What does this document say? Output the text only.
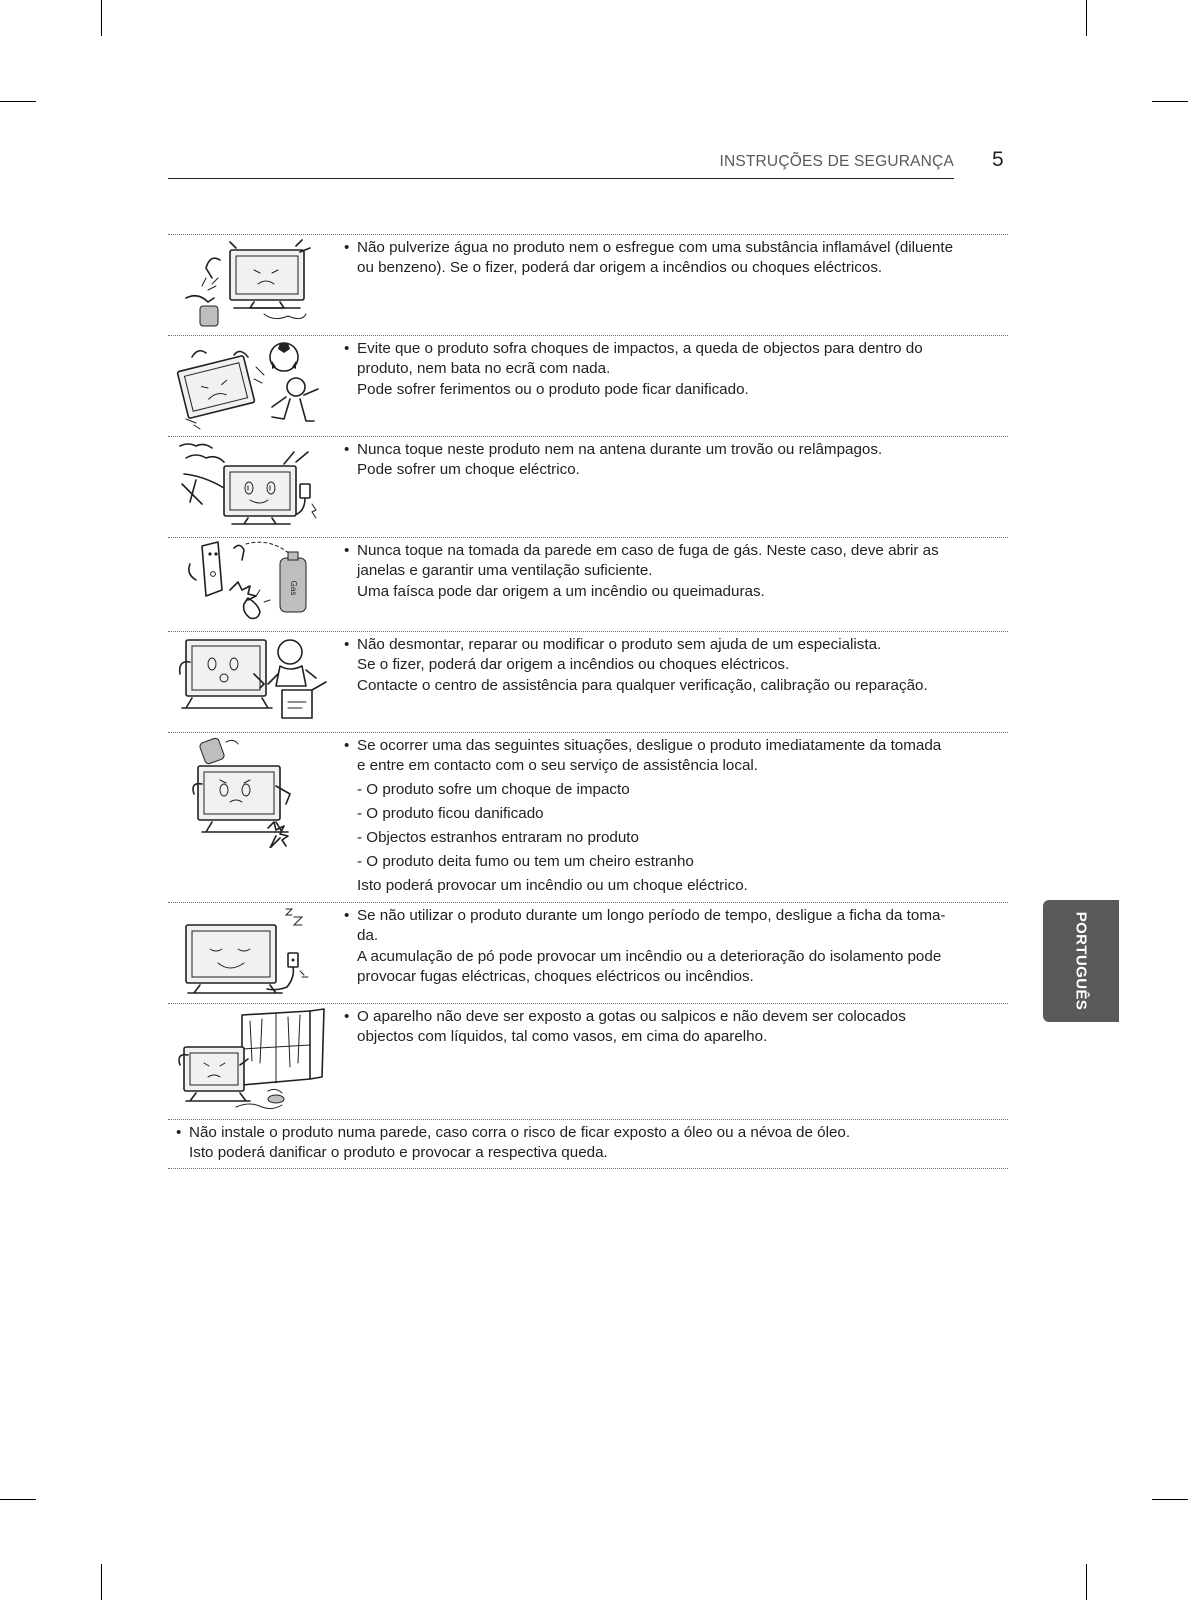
INSTRUÇÕES DE SEGURANÇA 5
PORTUGUÊS
• Não pulverize água no produto nem o esfregue com uma substância inflamável (diluente
ou benzeno). Se o fizer, poderá dar origem a incêndios ou choques eléctricos.
• Evite que o produto sofra choques de impactos, a queda de objectos para dentro do
produto, nem bata no ecrã com nada.
Pode sofrer ferimentos ou o produto pode ficar danificado.
• Nunca toque neste produto nem na antena durante um trovão ou relâmpagos.
Pode sofrer um choque eléctrico.
Gas
• Nunca toque na tomada da parede em caso de fuga de gás. Neste caso, deve abrir as
janelas e garantir uma ventilação suficiente.
Uma faísca pode dar origem a um incêndio ou queimaduras.
• Não desmontar, reparar ou modificar o produto sem ajuda de um especialista.
Se o fizer, poderá dar origem a incêndios ou choques eléctricos.
Contacte o centro de assistência para qualquer verificação, calibração ou reparação.
• Se ocorrer uma das seguintes situações, desligue o produto imediatamente da tomada
e entre em contacto com o seu serviço de assistência local.
- O produto sofre um choque de impacto
- O produto ficou danificado
- Objectos estranhos entraram no produto
- O produto deita fumo ou tem um cheiro estranho
Isto poderá provocar um incêndio ou um choque eléctrico.
• Se não utilizar o produto durante um longo período de tempo, desligue a ficha da toma-
da.
A acumulação de pó pode provocar um incêndio ou a deterioração do isolamento pode
provocar fugas eléctricas, choques eléctricos ou incêndios.
• O aparelho não deve ser exposto a gotas ou salpicos e não devem ser colocados
objectos com líquidos, tal como vasos, em cima do aparelho.
• Não instale o produto numa parede, caso corra o risco de ficar exposto a óleo ou a névoa de óleo.
Isto poderá danificar o produto e provocar a respectiva queda.
